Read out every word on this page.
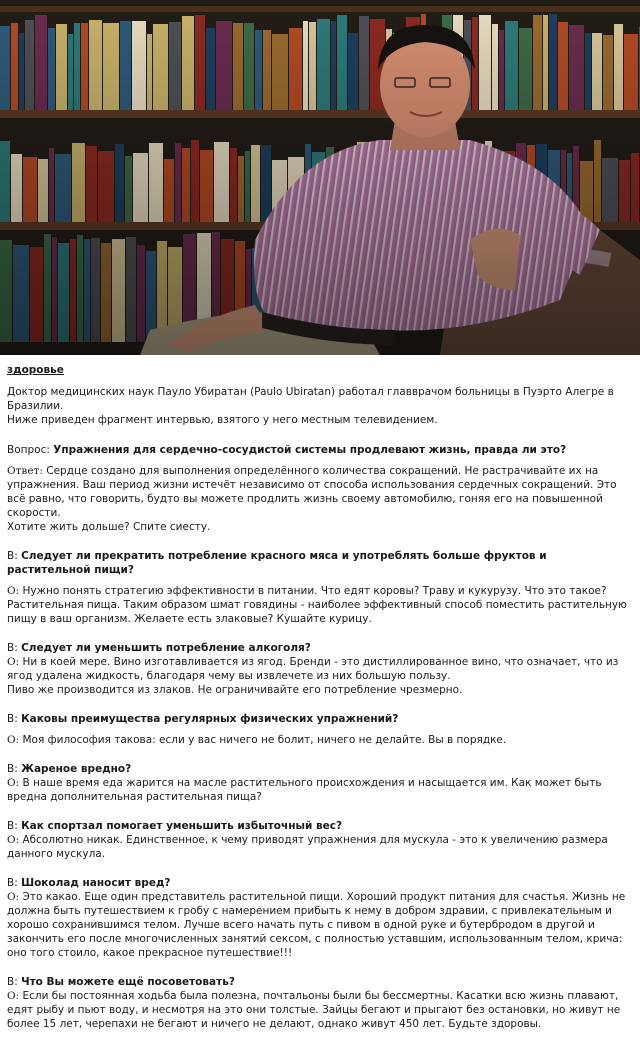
здоровье

Доктор медицинских наук Пауло Убиратан (Paulo Ubiratan) работал главврачом больницы в Пуэрто Алегре в Бразилии.

Ниже приведен фрагмент интервью, взятого у него местным телевидением.

Вопрос: Упражнения для сердечно-сосудистой системы продлевают жизнь, правда ли это?

Ответ: Сердце создано для выполнения определённого количества сокращений. Не растрачивайте их на упражнения. Ваш период жизни истечёт независимо от способа использования сердечных сокращений. Это всё равно, что говорить, будто вы можете продлить жизнь своему автомобилю, гоняя его на повышенной скорости.

Хотите жить дольше? Спите сиесту.

В: Следует ли прекратить потребление красного мяса и употреблять больше фруктов и растительной пищи?

О: Нужно понять стратегию эффективности в питании. Что едят коровы? Траву и кукурузу. Что это такое? Растительная пища. Таким образом шмат говядины - наиболее эффективный способ поместить растительную пищу в ваш организм. Желаете есть злаковые? Кушайте курицу.

В: Следует ли уменьшить потребление алкоголя?

О: Ни в коей мере. Вино изготавливается из ягод. Бренди - это дистиллированное вино, что означает, что из ягод удалена жидкость, благодаря чему вы извлечете из них большую пользу.

Пиво же производится из злаков. Не ограничивайте его потребление чрезмерно.

В: Каковы преимущества регулярных физических упражнений?

О: Моя философия такова: если у вас ничего не болит, ничего не делайте. Вы в порядке.

В: Жареное вредно?

О: В наше время еда жарится на масле растительного происхождения и насыщается им. Как может быть вредна дополнительная растительная пища?

В: Как спортзал помогает уменьшить избыточный вес?

О: Абсолютно никак. Единственное, к чему приводят упражнения для мускула - это к увеличению размера данного мускула.

В: Шоколад наносит вред?

О: Это какао. Еще один представитель растительной пищи. Хороший продукт питания для счастья. Жизнь не должна быть путешествием к гробу с намерением прибыть к нему в добром здравии, с привлекательным и хорошо сохранившимся телом. Лучше всего начать путь с пивом в одной руке и бутербродом в другой и закончить его после многочисленных занятий сексом, с полностью уставшим, использованным телом, крича: оно того стоило, какое прекрасное путешествие!!!

В: Что Вы можете ещё посоветовать?

О: Если бы постоянная ходьба была полезна, почтальоны были бы бессмертны. Касатки всю жизнь плавают, едят рыбу и пьют воду, и несмотря на это они толстые. Зайцы бегают и прыгают без остановки, но живут не более 15 лет, черепахи не бегают и ничего не делают, однако живут 450 лет. Будьте здоровы.
